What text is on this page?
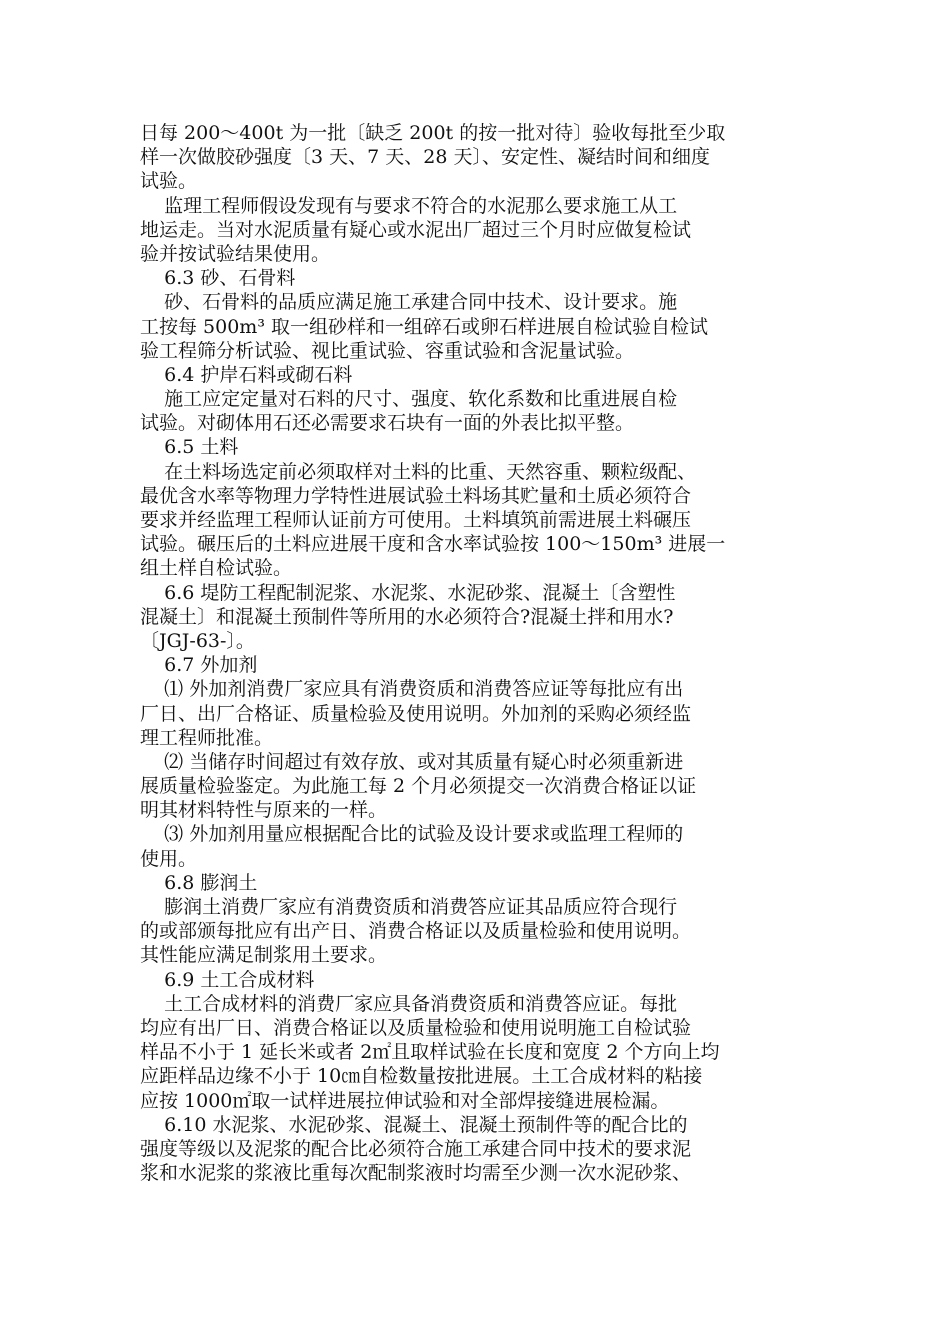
日每 200～400t 为一批〔缺乏 200t 的按一批对待〕验收每批至少取
样一次做胶砂强度〔3 天、7 天、28 天〕、安定性、凝结时间和细度
试验。
监理工程师假设发现有与要求不符合的水泥那么要求施工从工
地运走。当对水泥质量有疑心或水泥出厂超过三个月时应做复检试
验并按试验结果使用。
6.3 砂、石骨料
砂、石骨料的品质应满足施工承建合同中技术、设计要求。施
工按每 500m³ 取一组砂样和一组碎石或卵石样进展自检试验自检试
验工程筛分析试验、视比重试验、容重试验和含泥量试验。
6.4 护岸石料或砌石料
施工应定定量对石料的尺寸、强度、软化系数和比重进展自检
试验。对砌体用石还必需要求石块有一面的外表比拟平整。
6.5 土料
在土料场选定前必须取样对土料的比重、天然容重、颗粒级配、
最优含水率等物理力学特性进展试验土料场其贮量和土质必须符合
要求并经监理工程师认证前方可使用。土料填筑前需进展土料碾压
试验。碾压后的土料应进展干度和含水率试验按 100～150m³ 进展一
组土样自检试验。
6.6 堤防工程配制泥浆、水泥浆、水泥砂浆、混凝土〔含塑性
混凝土〕和混凝土预制件等所用的水必须符合?混凝土拌和用水?
〔JGJ-63-〕。
6.7 外加剂
⑴ 外加剂消费厂家应具有消费资质和消费答应证等每批应有出
厂日、出厂合格证、质量检验及使用说明。外加剂的采购必须经监
理工程师批准。
⑵ 当储存时间超过有效存放、或对其质量有疑心时必须重新进
展质量检验鉴定。为此施工每 2 个月必须提交一次消费合格证以证
明其材料特性与原来的一样。
⑶ 外加剂用量应根据配合比的试验及设计要求或监理工程师的
使用。
6.8 膨润土
膨润土消费厂家应有消费资质和消费答应证其品质应符合现行
的或部颁每批应有出产日、消费合格证以及质量检验和使用说明。
其性能应满足制浆用土要求。
6.9 土工合成材料
土工合成材料的消费厂家应具备消费资质和消费答应证。每批
均应有出厂日、消费合格证以及质量检验和使用说明施工自检试验
样品不小于 1 延长米或者 2㎡且取样试验在长度和宽度 2 个方向上均
应距样品边缘不小于 10㎝自检数量按批进展。土工合成材料的粘接
应按 1000㎡取一试样进展拉伸试验和对全部焊接缝进展检漏。
6.10 水泥浆、水泥砂浆、混凝土、混凝土预制件等的配合比的
强度等级以及泥浆的配合比必须符合施工承建合同中技术的要求泥
浆和水泥浆的浆液比重每次配制浆液时均需至少测一次水泥砂浆、
